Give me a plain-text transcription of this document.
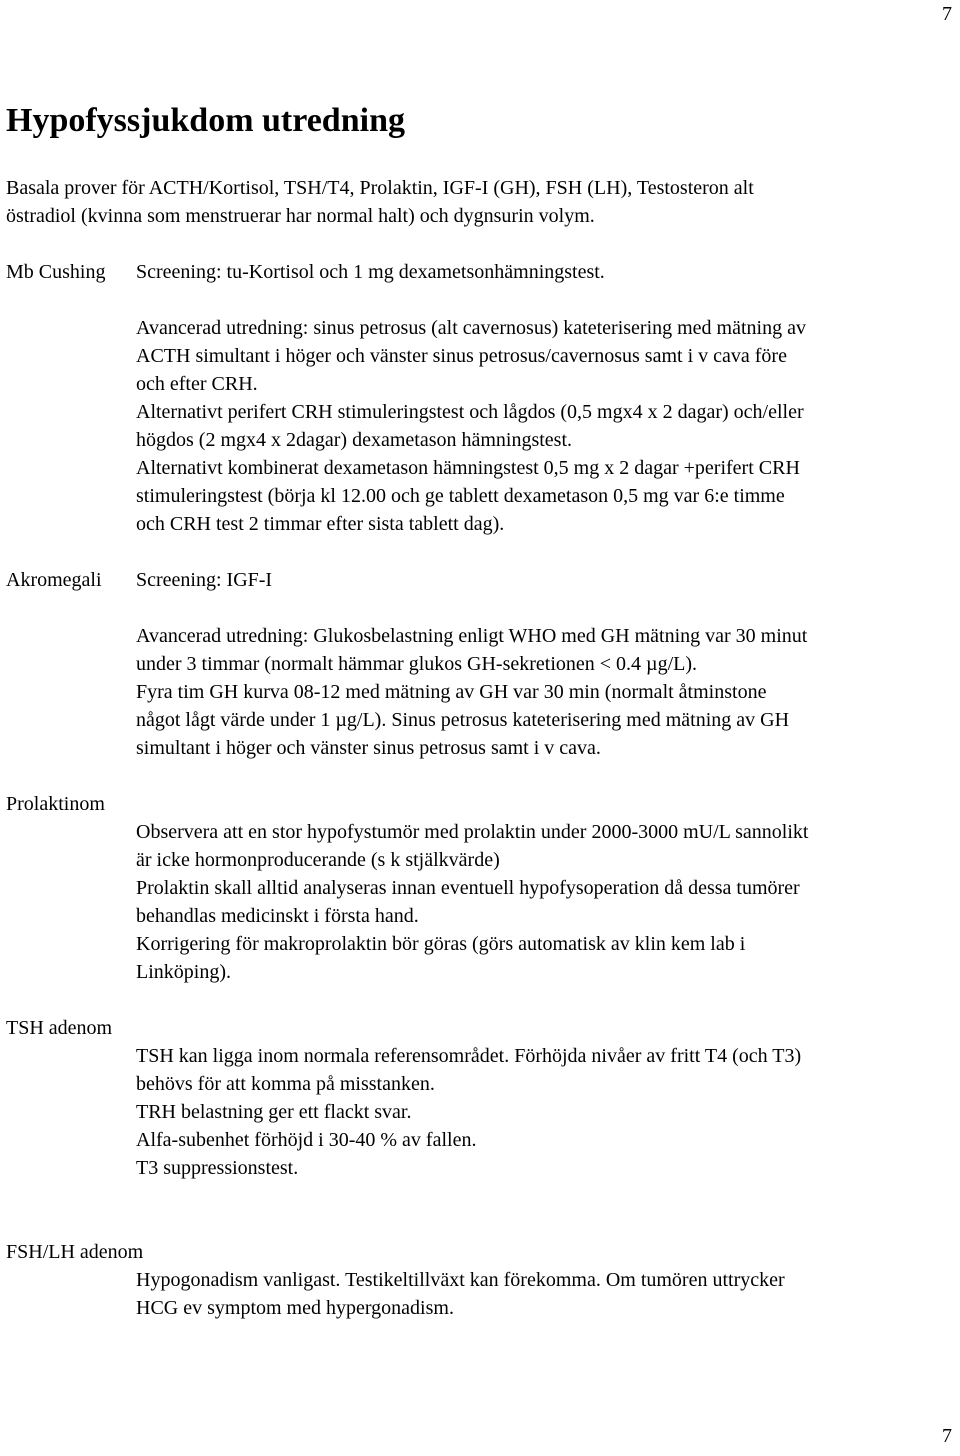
7
Hypofyssjukdom utredning

Basala prover för ACTH/Kortisol, TSH/T4, Prolaktin, IGF-I (GH), FSH (LH), Testosteron alt

östradiol (kvinna som menstruerar har normal halt) och dygnsurin volym.

Mb Cushing Screening: tu-Kortisol och 1 mg dexametsonhämningstest.

Avancerad utredning: sinus petrosus (alt cavernosus) kateterisering med mätning av

ACTH simultant i höger och vänster sinus petrosus/cavernosus samt i v cava före

och efter CRH.

Alternativt perifert CRH stimuleringstest och lågdos (0,5 mgx4 x 2 dagar) och/eller

högdos (2 mgx4 x 2dagar) dexametason hämningstest.

Alternativt kombinerat dexametason hämningstest 0,5 mg x 2 dagar +perifert CRH

stimuleringstest (börja kl 12.00 och ge tablett dexametason 0,5 mg var 6:e timme

och CRH test 2 timmar efter sista tablett dag).

Akromegali Screening: IGF-I

Avancerad utredning: Glukosbelastning enligt WHO med GH mätning var 30 minut

under 3 timmar (normalt hämmar glukos GH-sekretionen < 0.4 µg/L).

Fyra tim GH kurva 08-12 med mätning av GH var 30 min (normalt åtminstone

något lågt värde under 1 µg/L). Sinus petrosus kateterisering med mätning av GH

simultant i höger och vänster sinus petrosus samt i v cava.

Prolaktinom

Observera att en stor hypofystumör med prolaktin under 2000-3000 mU/L sannolikt

är icke hormonproducerande (s k stjälkvärde)

Prolaktin skall alltid analyseras innan eventuell hypofysoperation då dessa tumörer

behandlas medicinskt i första hand.

Korrigering för makroprolaktin bör göras (görs automatisk av klin kem lab i

Linköping).

TSH adenom

TSH kan ligga inom normala referensområdet. Förhöjda nivåer av fritt T4 (och T3)

behövs för att komma på misstanken.

TRH belastning ger ett flackt svar.

Alfa-subenhet förhöjd i 30-40 % av fallen.

T3 suppressionstest.

FSH/LH adenom

Hypogonadism vanligast. Testikeltillväxt kan förekomma. Om tumören uttrycker

HCG ev symptom med hypergonadism.

7
